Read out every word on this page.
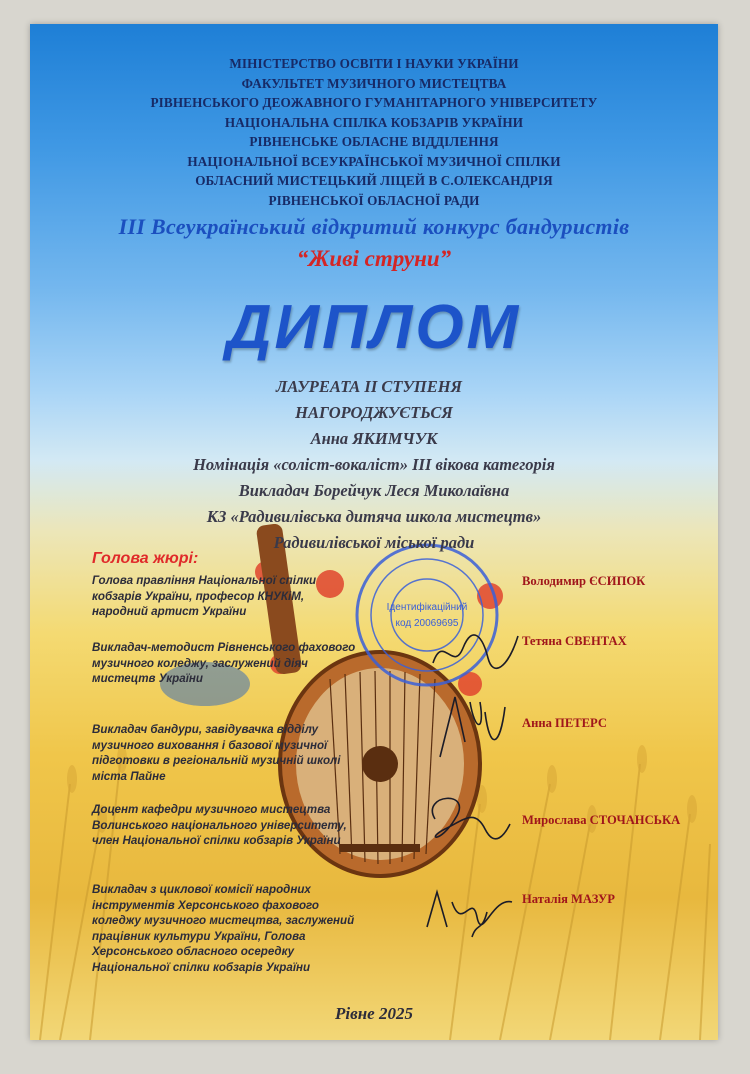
Ідентифікаційний
код 20069695
МІНІСТЕРСТВО ОСВІТИ І НАУКИ УКРАЇНИ
ФАКУЛЬТЕТ МУЗИЧНОГО МИСТЕЦТВА
РІВНЕНСЬКОГО ДЕОЖАВНОГО ГУМАНІТАРНОГО УНІВЕРСИТЕТУ
НАЦІОНАЛЬНА СПІЛКА КОБЗАРІВ УКРАЇНИ
РІВНЕНСЬКЕ ОБЛАСНЕ ВІДДІЛЕННЯ
НАЦІОНАЛЬНОЇ ВСЕУКРАЇНСЬКОЇ МУЗИЧНОЇ СПІЛКИ
ОБЛАСНИЙ МИСТЕЦЬКИЙ ЛІЦЕЙ В С.ОЛЕКСАНДРІЯ
РІВНЕНСЬКОЇ ОБЛАСНОЇ РАДИ
ІІІ Всеукраїнський відкритий конкурс бандуристів
“Живі струни”
ДИПЛОМ
ЛАУРЕАТА ІІ СТУПЕНЯ
НАГОРОДЖУЄТЬСЯ
Анна ЯКИМЧУК
Номінація «соліст-вокаліст» ІІІ вікова категорія
Викладач Борейчук Леся Миколаївна
КЗ «Радивилівська дитяча школа мистецтв»
Радивилівської міської ради
Голова жюрі:
Голова правління Національної спілки кобзарів України, професор КНУКіМ, народний артист України
Володимир ЄСИПОК
Викладач-методист Рівненського фахового музичного коледжу, заслужений діяч мистецтв України
Тетяна СВЕНТАХ
Викладач бандури, завідувачка відділу музичного виховання і базової музичної підготовки в регіональній музичній школі міста Пайне
Анна ПЕТЕРС
Доцент кафедри музичного мистецтва Волинського національного університету, член Національної спілки кобзарів України
Мирослава СТОЧАНСЬКА
Викладач з циклової комісії народних інструментів Херсонського фахового коледжу музичного мистецтва, заслужений працівник культури України, Голова Херсонського обласного осередку Національної спілки кобзарів України
Наталія МАЗУР
Рівне 2025
